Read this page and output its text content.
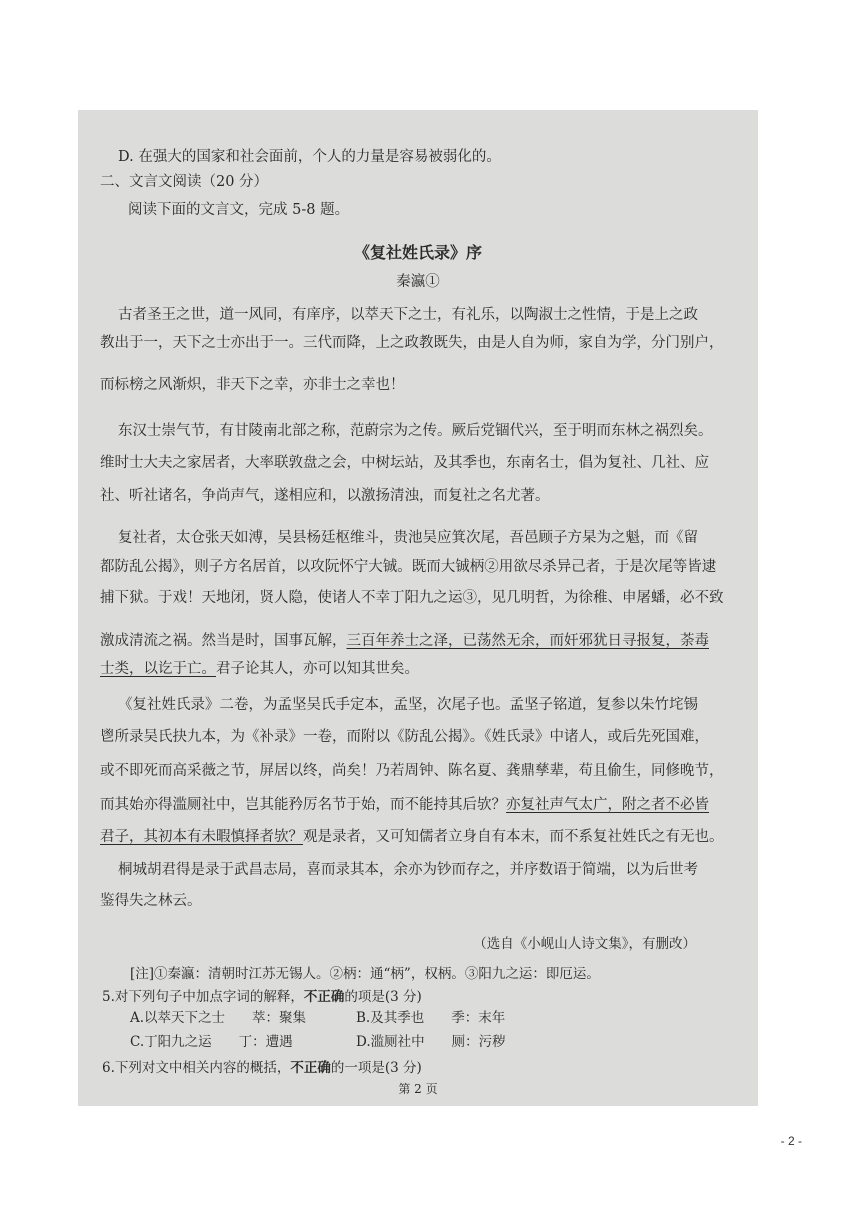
D. 在强大的国家和社会面前，个人的力量是容易被弱化的。
二、文言文阅读（20 分）
阅读下面的文言文，完成 5-8 题。
《复社姓氏录》序
秦瀛①
古者圣王之世，道一风同，有庠序，以萃天下之士，有礼乐，以陶淑士之性情，于是上之政
教出于一，天下之士亦出于一。三代而降，上之政教既失，由是人自为师，家自为学，分门别户，
而标榜之风渐炽，非天下之幸，亦非士之幸也！
东汉士崇气节，有甘陵南北部之称，范蔚宗为之传。厥后党锢代兴，至于明而东林之祸烈矣。
维时士大夫之家居者，大率联敦盘之会，中树坛站，及其季也，东南名士，倡为复社、几社、应
社、听社诸名，争尚声气，遂相应和，以激扬清浊，而复社之名尤著。
复社者，太仓张天如溥，吴县杨廷枢维斗，贵池吴应箕次尾，吾邑顾子方杲为之魁，而《留
都防乱公揭》，则子方名居首，以攻阮怀宁大铖。既而大铖柄②用欲尽杀异己者，于是次尾等皆逮
捕下狱。于戏！天地闭，贤人隐，使诸人不幸丁阳九之运③，见几明哲，为徐稚、申屠蟠，必不致
激成清流之祸。然当是时，国事瓦解，三百年养士之泽，已荡然无余，而奸邪犹日寻报复，荼毒
士类，以讫于亡。君子论其人，亦可以知其世矣。
《复社姓氏录》二卷，为孟坚吴氏手定本，孟坚，次尾子也。孟坚子铭道，复参以朱竹垞锡
鬯所录吴氏抉九本，为《补录》一卷，而附以《防乱公揭》。《姓氏录》中诸人，或后先死国难，
或不即死而高采薇之节，屏居以终，尚矣！乃若周钟、陈名夏、龚鼎孳辈，苟且偷生，同修晚节，
而其始亦得滥厕社中，岂其能矜厉名节于始，而不能持其后欤？亦复社声气太广，附之者不必皆
君子，其初本有未暇慎择者欤？观是录者，又可知儒者立身自有本末，而不系复社姓氏之有无也。
桐城胡君得是录于武昌志局，喜而录其本，余亦为钞而存之，并序数语于简端，以为后世考
鉴得失之林云。
（选自《小岘山人诗文集》，有删改）
[注]①秦瀛：清朝时江苏无锡人。②柄：通“柄”，权柄。③阳九之运：即厄运。
5.对下列句子中加点字词的解释，不正确的项是(3 分)
A.以萃天下之士　　萃：聚集	B.及其季也　　季：末年
C.丁阳九之运　　丁：遭遇	D.滥厕社中　　厕：污秽
6.下列对文中相关内容的概括，不正确的一项是(3 分)
第 2 页
- 2 -
